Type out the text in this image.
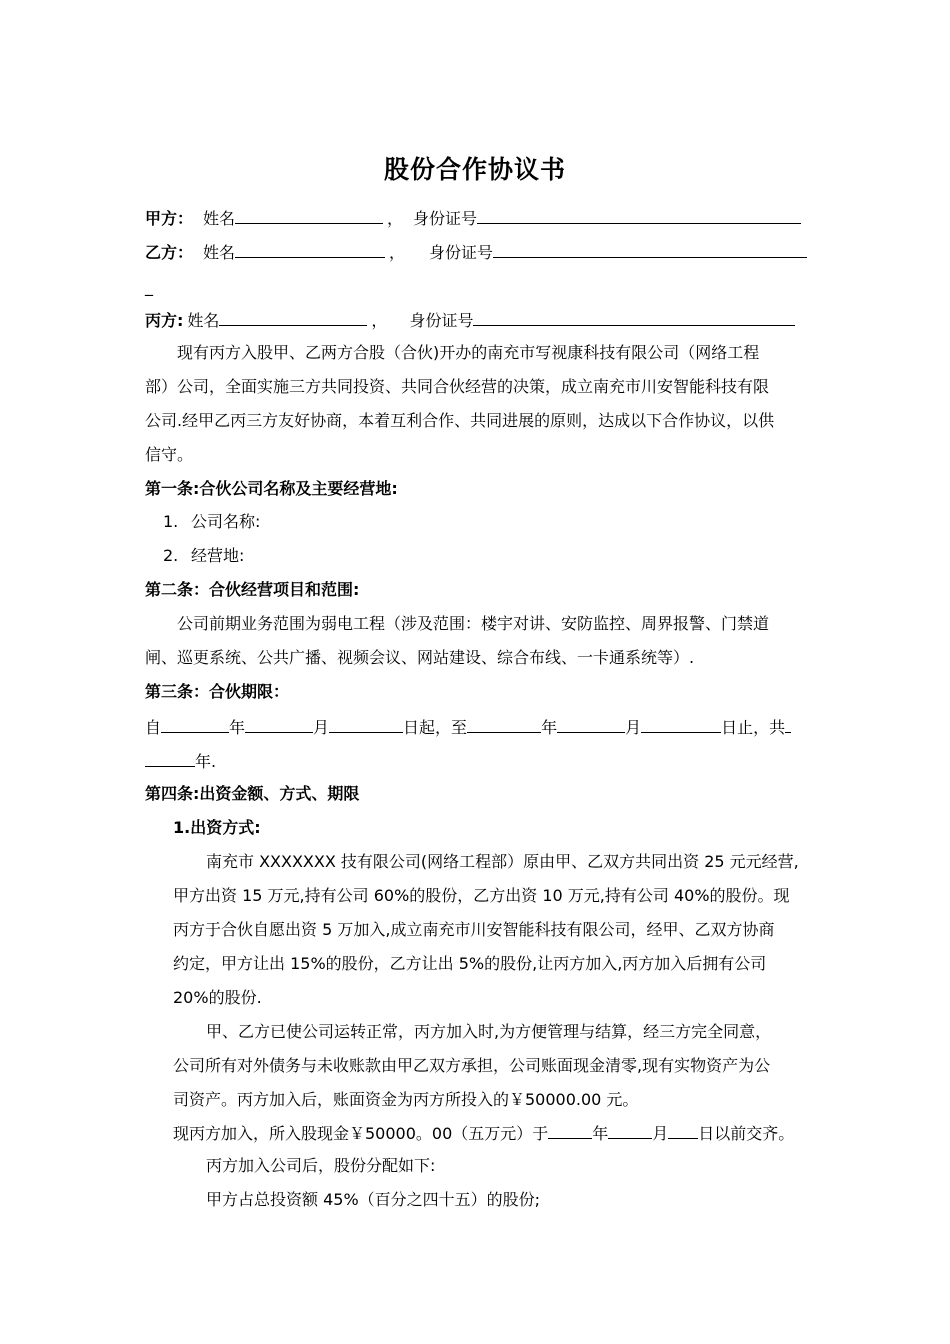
股份合作协议书
甲方： 姓名	， 身份证号
乙方： 姓名	， 身份证号
_
丙方: 姓名	， 身份证号
现有丙方入股甲、乙两方合股（合伙)开办的南充市写视康科技有限公司（网络工程
部）公司，全面实施三方共同投资、共同合伙经营的决策，成立南充市川安智能科技有限
公司.经甲乙丙三方友好协商，本着互利合作、共同进展的原则，达成以下合作协议，以供
信守。
第一条:合伙公司名称及主要经营地:
1. 公司名称:
2. 经营地:
第二条：合伙经营项目和范围:
公司前期业务范围为弱电工程（涉及范围：楼宇对讲、安防监控、周界报警、门禁道
闸、巡更系统、公共广播、视频会议、网站建设、综合布线、一卡通系统等）.
第三条：合伙期限：
自	年	月	日起，至	年	月	日止，共
年.
第四条:出资金额、方式、期限
1.出资方式:
南充市 XXXXXXX 技有限公司(网络工程部）原由甲、乙双方共同出资 25 元元经营,
甲方出资 15 万元,持有公司 60%的股份，乙方出资 10 万元,持有公司 40%的股份。现
丙方于合伙自愿出资 5 万加入,成立南充市川安智能科技有限公司，经甲、乙双方协商
约定，甲方让出 15%的股份，乙方让出 5%的股份,让丙方加入,丙方加入后拥有公司
20%的股份.
甲、乙方已使公司运转正常，丙方加入时,为方便管理与结算，经三方完全同意，
公司所有对外债务与未收账款由甲乙双方承担，公司账面现金清零,现有实物资产为公
司资产。丙方加入后，账面资金为丙方所投入的￥50000.00 元。
现丙方加入，所入股现金￥50000。00（五万元）于	年	月 日以前交齐。
丙方加入公司后，股份分配如下:
甲方占总投资额 45%（百分之四十五）的股份;
